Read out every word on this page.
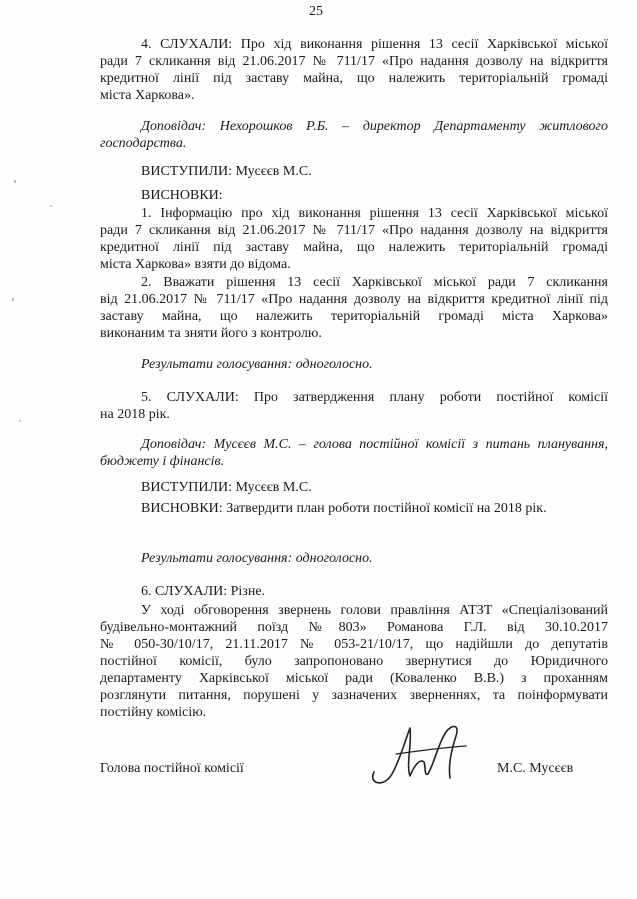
25
4. СЛУХАЛИ: Про хід виконання рішення 13 сесії Харківської міської
ради 7 скликання від 21.06.2017 № 711/17 «Про надання дозволу на відкриття
кредитної лінії під заставу майна, що належить територіальній громаді
міста Харкова».
Доповідач: Нехорошков Р.Б. – директор Департаменту житлового
господарства.
ВИСТУПИЛИ: Мусєєв М.С.
ВИСНОВКИ:
1. Інформацію про хід виконання рішення 13 сесії Харківської міської
ради 7 скликання від 21.06.2017 № 711/17 «Про надання дозволу на відкриття
кредитної лінії під заставу майна, що належить територіальній громаді
міста Харкова» взяти до відома.
2. Вважати рішення 13 сесії Харківської міської ради 7 скликання
від 21.06.2017 № 711/17 «Про надання дозволу на відкриття кредитної лінії під
заставу майна, що належить територіальній громаді міста Харкова»
виконаним та зняти його з контролю.
Результати голосування: одноголосно.
5. СЛУХАЛИ: Про затвердження плану роботи постійної комісії
на 2018 рік.
Доповідач: Мусєєв М.С. – голова постійної комісії з питань планування,
бюджету і фінансів.
ВИСТУПИЛИ: Мусєєв М.С.
ВИСНОВКИ: Затвердити план роботи постійної комісії на 2018 рік.
Результати голосування: одноголосно.
6. СЛУХАЛИ: Різне.
У ході обговорення звернень голови правління АТЗТ «Спеціалізований
будівельно-монтажний поїзд №803» Романова Г.Л. від 30.10.2017
№ 050-30/10/17, 21.11.2017 № 053-21/10/17, що надійшли до депутатів
постійної комісії, було запропоновано звернутися до Юридичного
департаменту Харківської міської ради (Коваленко В.В.) з проханням
розглянути питання, порушені у зазначених зверненнях, та поінформувати
постійну комісію.
Голова постійної комісії	М.С. Мусєєв
